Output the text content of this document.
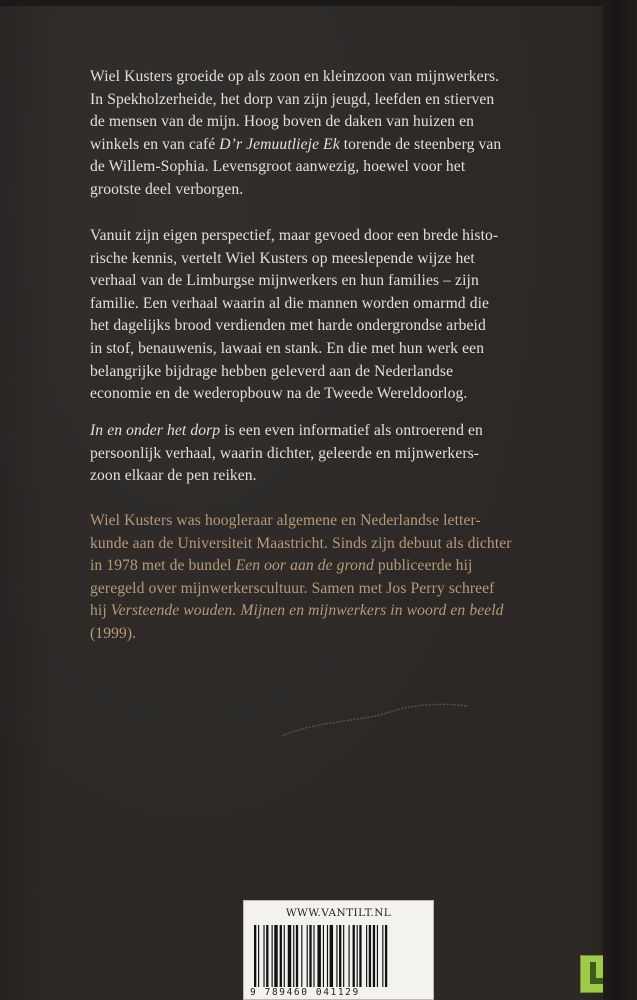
Wiel Kusters groeide op als zoon en kleinzoon van mijnwerkers.

In Spekholzerheide, het dorp van zijn jeugd, leefden en stierven

de mensen van de mijn. Hoog boven de daken van huizen en

winkels en van café D’r Jemuutlieje Ek torende de steenberg van

de Willem-Sophia. Levensgroot aanwezig, hoewel voor het

grootste deel verborgen.

Vanuit zijn eigen perspectief, maar gevoed door een brede histo-

rische kennis, vertelt Wiel Kusters op meeslepende wijze het

verhaal van de Limburgse mijnwerkers en hun families – zijn

familie. Een verhaal waarin al die mannen worden omarmd die

het dagelijks brood verdienden met harde ondergrondse arbeid

in stof, benauwenis, lawaai en stank. En die met hun werk een

belangrijke bijdrage hebben geleverd aan de Nederlandse

economie en de wederopbouw na de Tweede Wereldoorlog.

In en onder het dorp is een even informatief als ontroerend en

persoonlijk verhaal, waarin dichter, geleerde en mijnwerkers-

zoon elkaar de pen reiken.

Wiel Kusters was hoogleraar algemene en Nederlandse letter-

kunde aan de Universiteit Maastricht. Sinds zijn debuut als dichter

in 1978 met de bundel Een oor aan de grond publiceerde hij

geregeld over mijnwerkerscultuur. Samen met Jos Perry schreef

hij Versteende wouden. Mijnen en mijnwerkers in woord en beeld

(1999).

WWW.VANTILT.NL
9 789460 041129
